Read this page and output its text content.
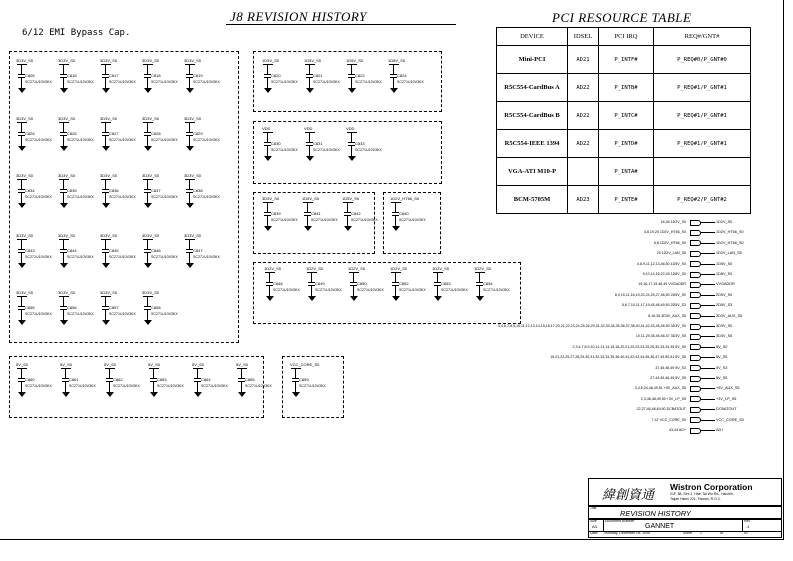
J8 REVISION HISTORY
6/12 EMI Bypass Cap.
PCI RESOURCE TABLE
3D3V_S0
C805
SC271U10V3KX
3D3V_S0
C816
SC271U10V3KX
3D3V_S0
C817
SC271U10V3KX
3D3V_S0
C818
SC271U10V3KX
3D3V_S0
C819
SC271U10V3KX
3D3V_S0
C825
SC271U10V3KX
3D3V_S0
C826
SC271U10V3KX
3D3V_S0
C827
SC271U10V3KX
3D3V_S0
C828
SC271U10V3KX
3D3V_S0
C829
SC271U10V3KX
3D3V_S0
C834
SC271U10V3KX
3D3V_S0
C835
SC271U10V3KX
3D3V_S0
C836
SC271U10V3KX
3D3V_S0
C837
SC271U10V3KX
3D3V_S0
C838
SC271U10V3KX
3D3V_S0
C843
SC271U10V3KX
3D3V_S0
C844
SC271U10V3KX
3D3V_S0
C845
SC271U10V3KX
3D3V_S0
C846
SC271U10V3KX
3D3V_S0
C847
SC271U10V3KX
3D3V_S0
C855
SC271U10V3KX
3D3V_S0
C856
SC271U10V3KX
3D3V_S0
C857
SC271U10V3KX
3D3V_S0
C858
SC271U10V3KX
1D5V_S0
C820
SC271U10V3KX
1D5V_S0
C821
SC271U10V3KX
1D5V_S0
C822
SC271U10V3KX
1D8V_S0
C824
SC271U10V3KX
VDD
C830
SC271U10V3KX
VDD
C831
SC271U10V3KX
VDD
C833
SC271U10V3KX
3D3V_S0
C839
SC271U10V3KX
1D5V_S0
C841
SC271U10V3KX
1D5V_S0
C842
SC271U10V3KX
1D2V_HT66_S0
C840
SC271U10V3KX
1D2V_S0
C848
SC271U10V3KX
1D2V_S0
C849
SC271U10V3KX
1D2V_S0
C850
SC271U10V3KX
1D2V_S0
C852
SC271U10V3KX
1D2V_S0
C853
SC271U10V3KX
1D2V_S0
C854
SC271U10V3KX
5V_S0
C860
SC271U10V3KX
5V_S0
C861
SC271U10V3KX
5V_S0
C862
SC271U10V3KX
5V_S0
C863
SC271U10V3KX
5V_S0
C864
SC271U10V3KX
5V_S0
C865
SC271U10V3KX
VCC_CORE_S0
C859
SC271U10V3KX
DEVICE	IDSEL	PCI IRQ	REQ#/GNT#
Mini-PCI	AD21	P_INTF#	P_REQ#0/P_GNT#0
R5C554-CardBus A	AD22	P_INTB#	P_REQ#1/P_GNT#1
R5C554-CardBus B	AD22	P_INTC#	P_REQ#1/P_GNT#1
R5C554-IEEE 1394	AD22	P_INTD#	P_REQ#1/P_GNT#1
VGA-ATI M10-P		P_INTA#	
BCM-5705M	AD23	P_INTE#	P_REQ#2/P_GNT#2
16,46 1D2V_S0	1D2V_S0
4,8,19,20 1D2V_HT66_S0	1D2V_HT66_S0
6,8 1D2V_HT66_S0	1D2V_HT66_S0
29 1D2V_LAN_S5	1D2V_LAN_S5
4,8,9,11,12,13,46,50 1D5V_S0	1D5V_S0
9,10,14,16,22,49 1D8V_S0	1D8V_S0
19,16,17,19,48,49 VVGADDR	VVGADDR
8,9,10,11,16,19,22,24,25,27,46,50 2D5V_S0	2D5V_S0
5,6,7,10,11,17,19,45,46,49,50 2D5V_S3	2D5V_S3
8,16,35 3D3V_AUX_S5	3D3V_AUX_S5
3,4,6,7,8,9,10,11,12,13,14,15,16,17,20,21,22,23,24,25,26,29,31,32,33,34,35,36,37,38,40,41,42,43,45,46,50 3D3V_S0	3D3V_S0
10,11,29,35,45,46,47 3D3V_S5	3D3V_S5
2,3,4,7,8,9,10,11,13,14,15,16,20,21,22,23,24,25,26,30,33,34,35 5V_S0	5V_S0
19,21,22,25,27,28,29,30,31,32,33,34,35,36,40,41,42,43,44,45,46,47,49,50,51 5V_S5	5V_S5
37,45,46,49 5V_S3	5V_S3
27,44,45,46,49 5V_S5	5V_S5
3,4,6,24,46,49,51 +5V_AUX_S5	+5V_AUX_S5
2,3,46,48,49,50 +3V_LP_S5	+3V_LP_S5
22,27,46,48,49,50 DCBATOUT	DCBATOUT
7,47 VCC_CORE_S0	VCC_CORE_S0
43,44 AD+	AD+
緯創資通
Wistron Corporation
21F, 88, Sec.1, Hsin Tai Wu Rd., Hsichih,
Taipei Hsien 221, Taiwan, R.O.C.
Title
REVISION HISTORY
Size
A3
Document Number
GANNET
Rev
-1
Date: Thursday, December 08, 2005	Sheet 1	of	51
